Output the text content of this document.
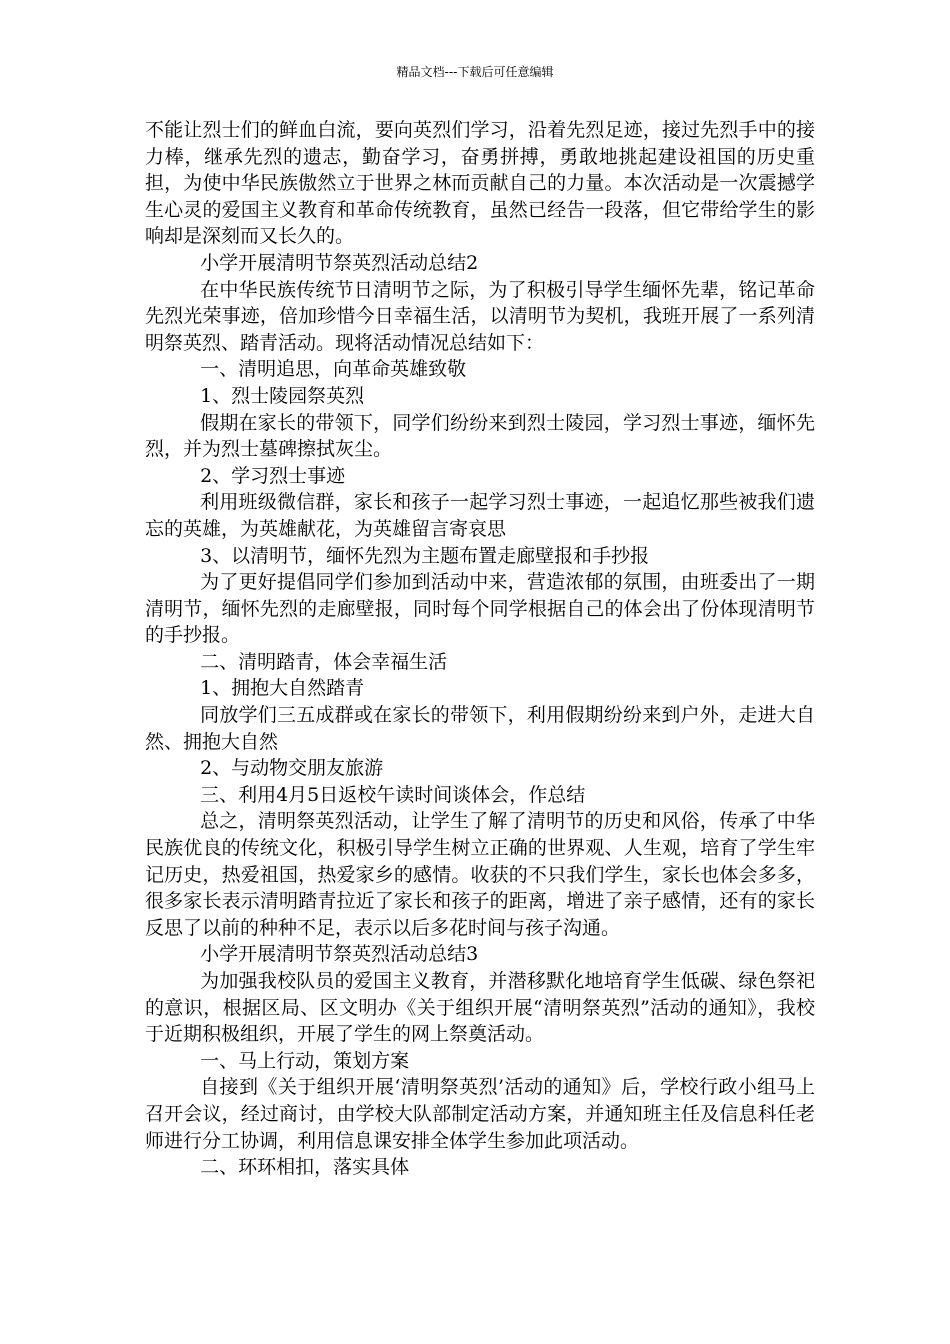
精品文档---下载后可任意编辑

不能让烈士们的鲜血白流，要向英烈们学习，沿着先烈足迹，接过先烈手中的接力棒，继承先烈的遗志，勤奋学习，奋勇拼搏，勇敢地挑起建设祖国的历史重担，为使中华民族傲然立于世界之林而贡献自己的力量。本次活动是一次震撼学生心灵的爱国主义教育和革命传统教育，虽然已经告一段落，但它带给学生的影响却是深刻而又长久的。

小学开展清明节祭英烈活动总结2

在中华民族传统节日清明节之际，为了积极引导学生缅怀先辈，铭记革命先烈光荣事迹，倍加珍惜今日幸福生活，以清明节为契机，我班开展了一系列清明祭英烈、踏青活动。现将活动情况总结如下：

一、清明追思，向革命英雄致敬

1、烈士陵园祭英烈

假期在家长的带领下，同学们纷纷来到烈士陵园，学习烈士事迹，缅怀先烈，并为烈士墓碑擦拭灰尘。

2、学习烈士事迹

利用班级微信群，家长和孩子一起学习烈士事迹，一起追忆那些被我们遗忘的英雄，为英雄献花，为英雄留言寄哀思

3、以清明节，缅怀先烈为主题布置走廊壁报和手抄报

为了更好提倡同学们参加到活动中来，营造浓郁的氛围，由班委出了一期清明节，缅怀先烈的走廊壁报，同时每个同学根据自己的体会出了份体现清明节的手抄报。

二、清明踏青，体会幸福生活

1、拥抱大自然踏青

同放学们三五成群或在家长的带领下，利用假期纷纷来到户外，走进大自然、拥抱大自然

2、与动物交朋友旅游

三、利用4月5日返校午读时间谈体会，作总结

总之，清明祭英烈活动，让学生了解了清明节的历史和风俗，传承了中华民族优良的传统文化，积极引导学生树立正确的世界观、人生观，培育了学生牢记历史，热爱祖国，热爱家乡的感情。收获的不只我们学生，家长也体会多多，很多家长表示清明踏青拉近了家长和孩子的距离，增进了亲子感情，还有的家长反思了以前的种种不足，表示以后多花时间与孩子沟通。

小学开展清明节祭英烈活动总结3

为加强我校队员的爱国主义教育，并潜移默化地培育学生低碳、绿色祭祀的意识，根据区局、区文明办《关于组织开展“清明祭英烈”活动的通知》，我校于近期积极组织，开展了学生的网上祭奠活动。

一、马上行动，策划方案

自接到《关于组织开展‘清明祭英烈’活动的通知》后，学校行政小组马上召开会议，经过商讨，由学校大队部制定活动方案，并通知班主任及信息科任老师进行分工协调，利用信息课安排全体学生参加此项活动。

二、环环相扣，落实具体
